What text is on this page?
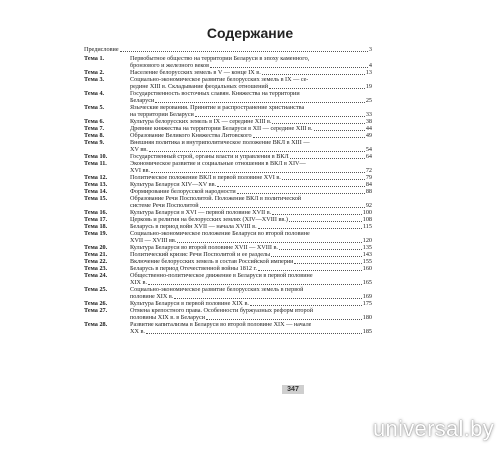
Содержание
Предисловие	3
Тема 1.	Первобытное общество на территории Беларуси в эпоху каменного,
бронзового и железного веков	4
Тема 2.	Население белорусских земель в V — конце IX в.	13
Тема 3.	Социально-экономическое развитие белорусских земель в IX — се-
редине XIII в. Складывание феодальных отношений	19
Тема 4.	Государственность восточных славян. Княжества на территории
Беларуси	25
Тема 5.	Языческие верования. Принятие и распространение христианства
на территории Беларуси	33
Тема 6.	Культура белорусских земель в IX — середине XIII в.	38
Тема 7.	Древние княжества на территории Беларуси в XII — середине XIII в.	44
Тема 8.	Образование Великого Княжества Литовского	49
Тема 9.	Внешняя политика и внутриполитическое положение ВКЛ в XIII —
XV вв.	54
Тема 10.	Государственный строй, органы власти и управления в ВКЛ	64
Тема 11.	Экономическое развитие и социальные отношения в ВКЛ в XIV—
XVI вв.	72
Тема 12.	Политическое положение ВКЛ в первой половине XVI в.	79
Тема 13.	Культура Беларуси XIV—XV вв.	84
Тема 14.	Формирование белорусской народности	88
Тема 15.	Образование Речи Посполитой. Положение ВКЛ в политической
системе Речи Посполитой	92
Тема 16.	Культура Беларуси в XVI — первой половине XVII в.	100
Тема 17.	Церковь и религия на белорусских землях (XIV—XVIII вв.)	108
Тема 18.	Беларусь в период войн XVII — начала XVIII в.	115
Тема 19.	Социально-экономическое положение Беларуси во второй половине
XVII — XVIII вв.	120
Тема 20.	Культура Беларуси во второй половине XVII — XVIII в.	135
Тема 21.	Политический кризис Речи Посполитой и ее разделы	143
Тема 22.	Включение белорусских земель в состав Российской империи	155
Тема 23.	Беларусь в период Отечественной войны 1812 г.	160
Тема 24.	Общественно-политическое движение в Беларуси в первой половине
XIX в.	165
Тема 25.	Социально-экономическое развитие белорусских земель в первой
половине XIX в.	169
Тема 26.	Культура Беларуси в первой половине XIX в.	175
Тема 27.	Отмена крепостного права. Особенности буржуазных реформ второй
половины XIX в. в Беларуси	180
Тема 28.	Развитие капитализма в Беларуси во второй половине XIX — начале
XX в.	185
347
universal.by
